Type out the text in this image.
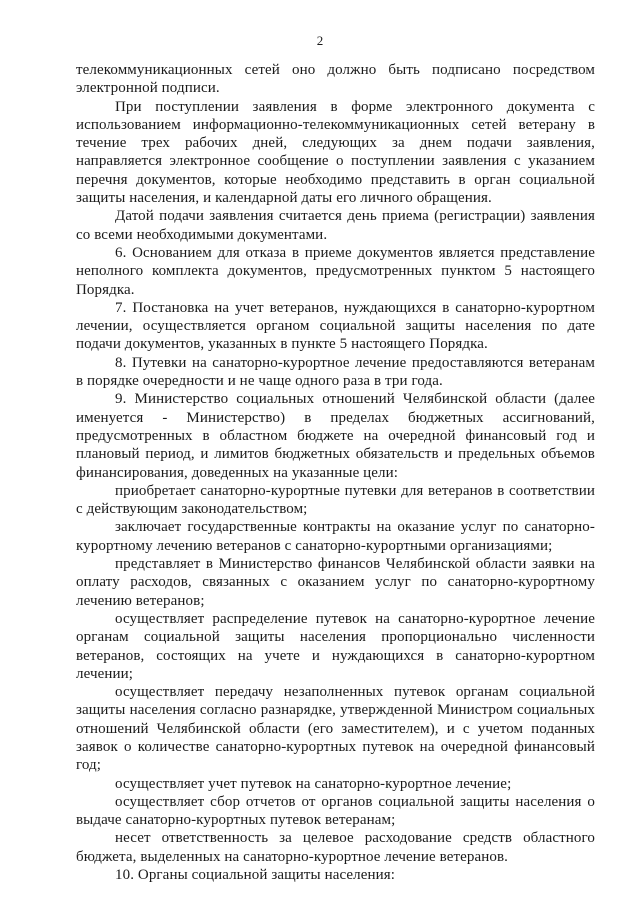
2

телекоммуникационных сетей оно должно быть подписано посредством электронной подписи.

При поступлении заявления в форме электронного документа с использованием информационно-телекоммуникационных сетей ветерану в течение трех рабочих дней, следующих за днем подачи заявления, направляется электронное сообщение о поступлении заявления с указанием перечня документов, которые необходимо представить в орган социальной защиты населения, и календарной даты его личного обращения.

Датой подачи заявления считается день приема (регистрации) заявления со всеми необходимыми документами.

6. Основанием для отказа в приеме документов является представление неполного комплекта документов, предусмотренных пунктом 5 настоящего Порядка.

7. Постановка на учет ветеранов, нуждающихся в санаторно-курортном лечении, осуществляется органом социальной защиты населения по дате подачи документов, указанных в пункте 5 настоящего Порядка.

8. Путевки на санаторно-курортное лечение предоставляются ветеранам в порядке очередности и не чаще одного раза в три года.

9. Министерство социальных отношений Челябинской области (далее именуется - Министерство) в пределах бюджетных ассигнований, предусмотренных в областном бюджете на очередной финансовый год и плановый период, и лимитов бюджетных обязательств и предельных объемов финансирования, доведенных на указанные цели:

приобретает санаторно-курортные путевки для ветеранов в соответствии с действующим законодательством;

заключает государственные контракты на оказание услуг по санаторно-курортному лечению ветеранов с санаторно-курортными организациями;

представляет в Министерство финансов Челябинской области заявки на оплату расходов, связанных с оказанием услуг по санаторно-курортному лечению ветеранов;

осуществляет распределение путевок на санаторно-курортное лечение органам социальной защиты населения пропорционально численности ветеранов, состоящих на учете и нуждающихся в санаторно-курортном лечении;

осуществляет передачу незаполненных путевок органам социальной защиты населения согласно разнарядке, утвержденной Министром социальных отношений Челябинской области (его заместителем), и с учетом поданных заявок о количестве санаторно-курортных путевок на очередной финансовый год;

осуществляет учет путевок на санаторно-курортное лечение;

осуществляет сбор отчетов от органов социальной защиты населения о выдаче санаторно-курортных путевок ветеранам;

несет ответственность за целевое расходование средств областного бюджета, выделенных на санаторно-курортное лечение ветеранов.

10. Органы социальной защиты населения:
